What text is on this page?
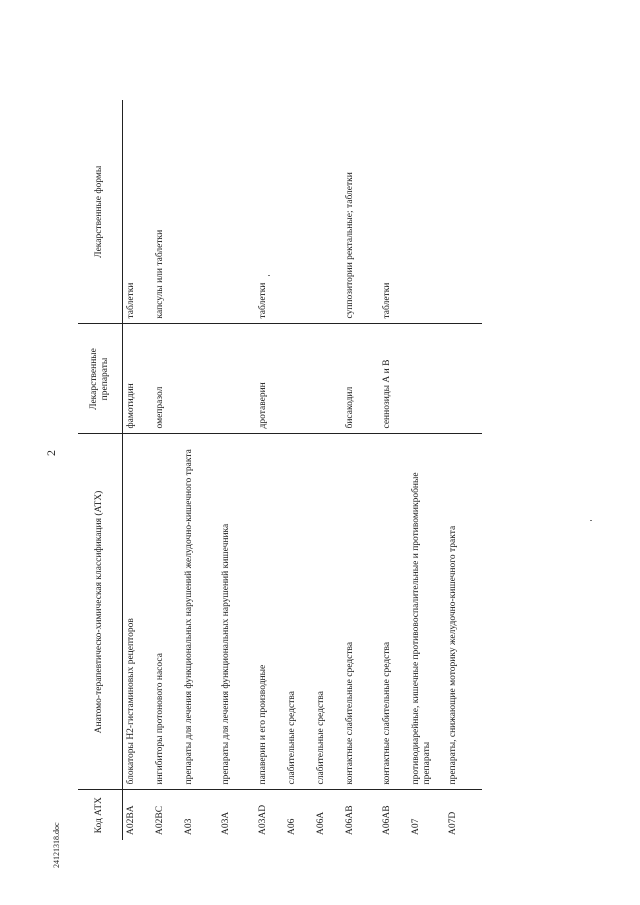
2
24121318.doc
Код АТХ	Анатомо-терапевтическо-химическая классификация (АТХ)	Лекарственные препараты	Лекарственные формы
A02BA	блокаторы Н2-гистаминовых рецепторов	фамотидин	таблетки
A02BC	ингибиторы протонового насоса	омепразол	капсулы или таблетки
A03	препараты для лечения функциональных нарушений желудочно-кишечного тракта		
A03A	препараты для лечения функциональных нарушений кишечника		
A03AD	папаверин и его производные	дротаверин	таблетки
A06	слабительные средства		
A06A	слабительные средства		
A06AB	контактные слабительные средства	бисакодил	суппозитории ректальные; таблетки
A06AB	контактные слабительные средства	сеннозиды А и В	таблетки
A07	противодиарейные, кишечные противовоспалительные и противомикробные препараты		
A07D	препараты, снижающие моторику желудочно-кишечного тракта		
